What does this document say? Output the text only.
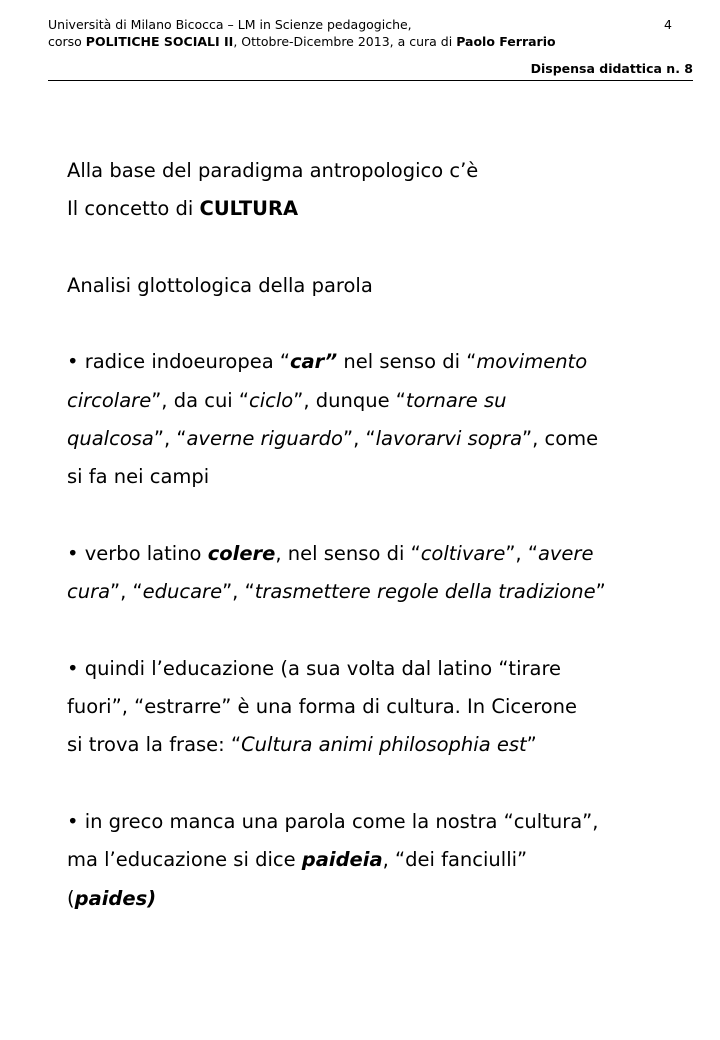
Università di Milano Bicocca – LM in Scienze pedagogiche,
corso POLITICHE SOCIALI II, Ottobre-Dicembre 2013, a cura di Paolo Ferrario
4
Dispensa didattica n. 8
Alla base del paradigma antropologico c’è
Il concetto di CULTURA
Analisi glottologica della parola
• radice indoeuropea “car” nel senso di “movimento
circolare”, da cui “ciclo”, dunque “tornare su
qualcosa”, “averne riguardo”, “lavorarvi sopra”, come
si fa nei campi
• verbo latino colere, nel senso di “coltivare”, “avere
cura”, “educare”, “trasmettere regole della tradizione”
• quindi l’educazione (a sua volta dal latino “tirare
fuori”, “estrarre” è una forma di cultura. In Cicerone
si trova la frase: “Cultura animi philosophia est”
• in greco manca una parola come la nostra “cultura”,
ma l’educazione si dice paideia, “dei fanciulli”
(paides)
